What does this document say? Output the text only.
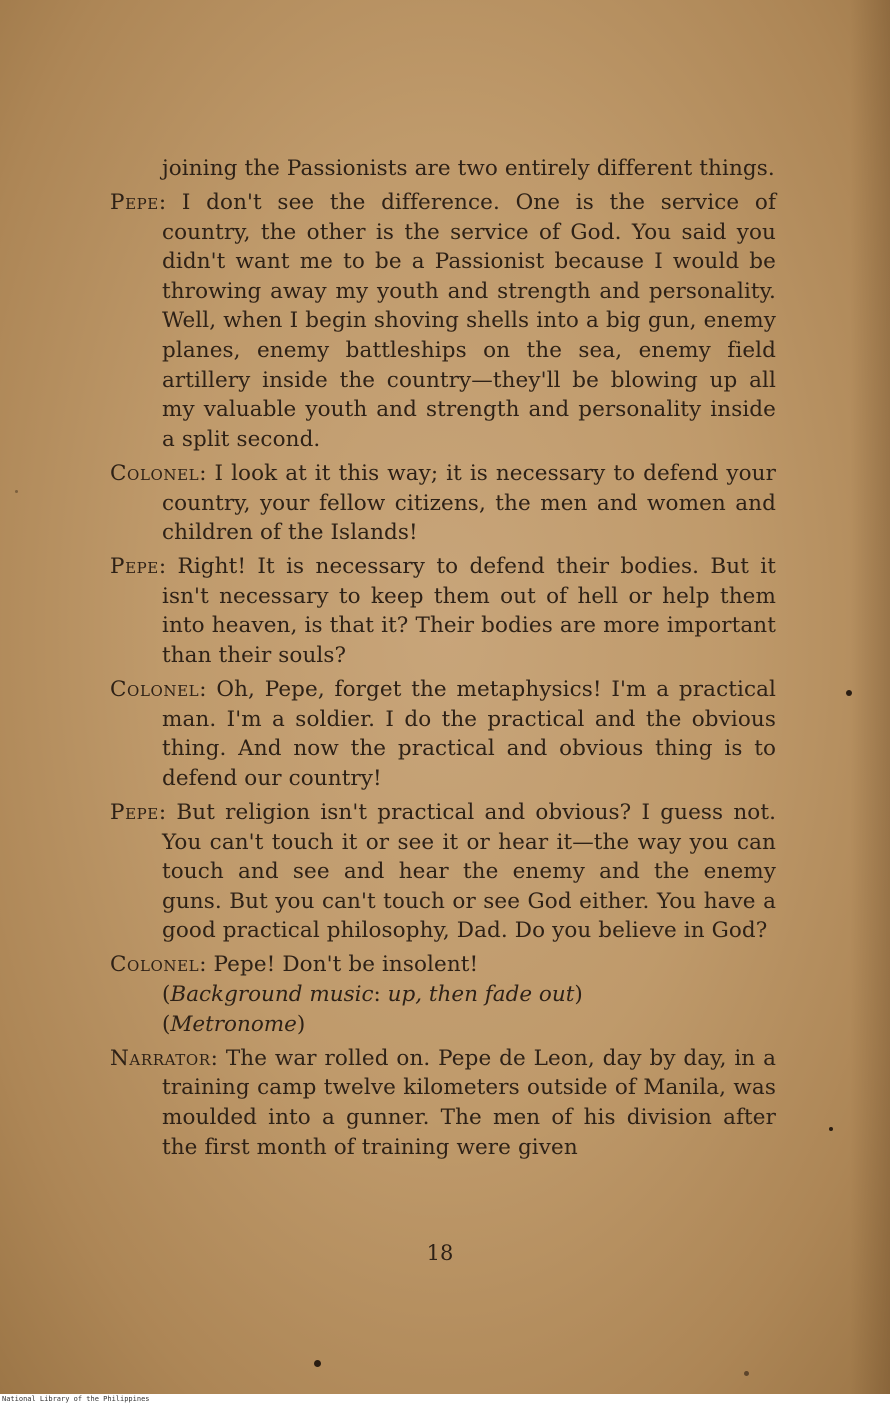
joining the Passionists are two entirely different things.

Pepe: I don't see the difference. One is the service of country, the other is the service of God. You said you didn't want me to be a Passionist because I would be throwing away my youth and strength and personality. Well, when I begin shoving shells into a big gun, enemy planes, enemy battleships on the sea, enemy field artillery inside the country—they'll be blowing up all my valuable youth and strength and personality inside a split second.

Colonel: I look at it this way; it is necessary to defend your country, your fellow citizens, the men and women and children of the Islands!

Pepe: Right! It is necessary to defend their bodies. But it isn't necessary to keep them out of hell or help them into heaven, is that it? Their bodies are more important than their souls?

Colonel: Oh, Pepe, forget the metaphysics! I'm a practical man. I'm a soldier. I do the practical and the obvious thing. And now the practical and obvious thing is to defend our country!

Pepe: But religion isn't practical and obvious? I guess not. You can't touch it or see it or hear it—the way you can touch and see and hear the enemy and the enemy guns. But you can't touch or see God either. You have a good practical philosophy, Dad. Do you believe in God?

Colonel: Pepe! Don't be insolent!

(Background music: up, then fade out)

(Metronome)

Narrator: The war rolled on. Pepe de Leon, day by day, in a training camp twelve kilometers outside of Manila, was moulded into a gunner. The men of his division after the first month of training were given

18
National Library of the Philippines
